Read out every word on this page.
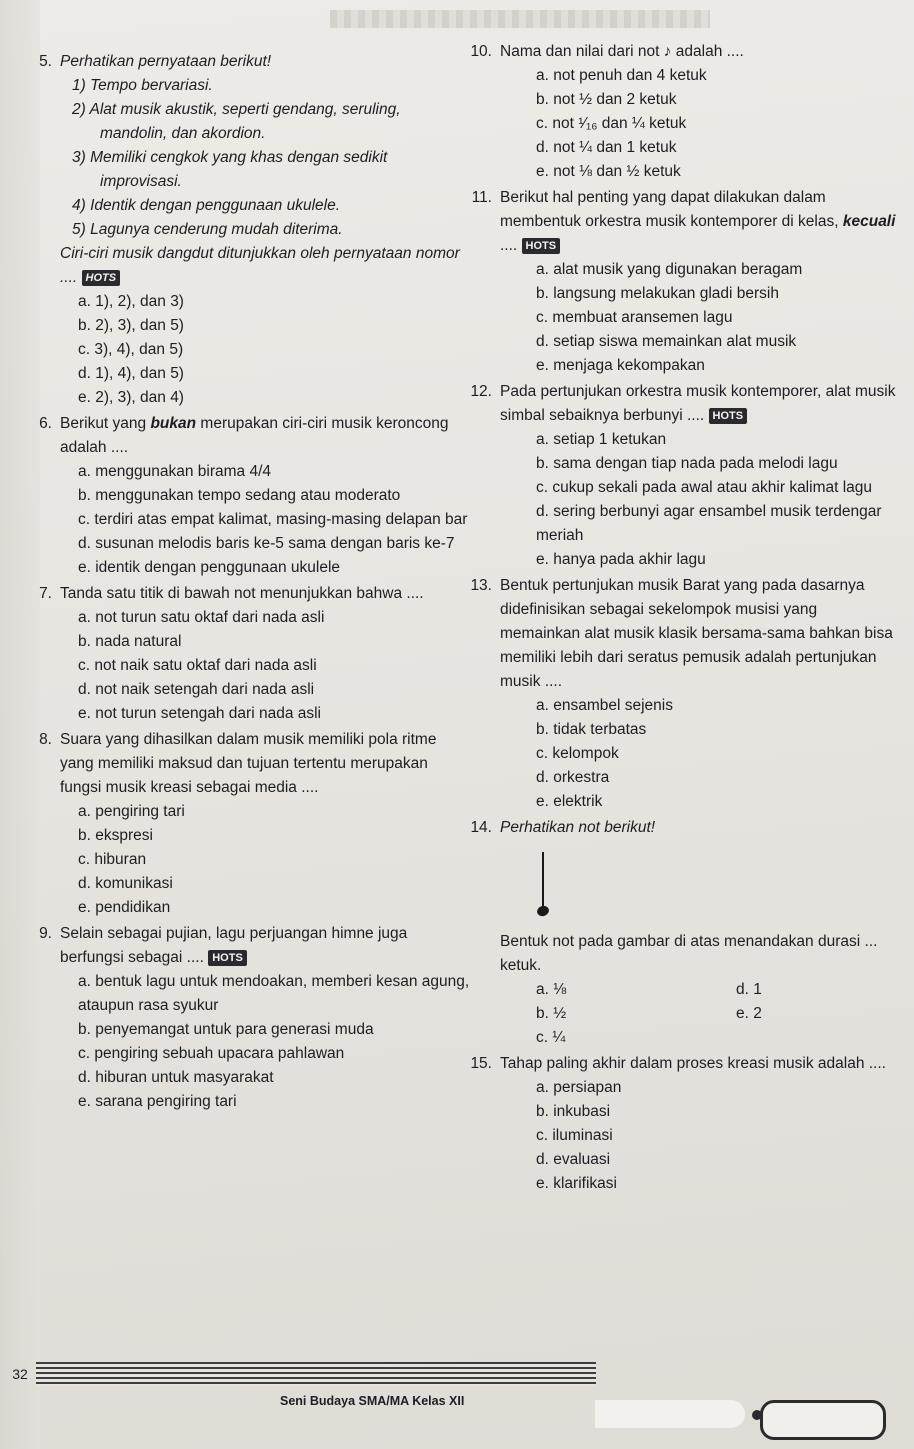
5. Perhatikan pernyataan berikut!
1) Tempo bervariasi.
2) Alat musik akustik, seperti gendang, seruling, mandolin, dan akordion.
3) Memiliki cengkok yang khas dengan sedikit improvisasi.
4) Identik dengan penggunaan ukulele.
5) Lagunya cenderung mudah diterima.
Ciri-ciri musik dangdut ditunjukkan oleh pernyataan nomor .... HOTS
a. 1), 2), dan 3)
b. 2), 3), dan 5)
c. 3), 4), dan 5)
d. 1), 4), dan 5)
e. 2), 3), dan 4)
6. Berikut yang bukan merupakan ciri-ciri musik keroncong adalah ....
a. menggunakan birama 4/4
b. menggunakan tempo sedang atau moderato
c. terdiri atas empat kalimat, masing-masing delapan bar
d. susunan melodis baris ke-5 sama dengan baris ke-7
e. identik dengan penggunaan ukulele
7. Tanda satu titik di bawah not menunjukkan bahwa ....
a. not turun satu oktaf dari nada asli
b. nada natural
c. not naik satu oktaf dari nada asli
d. not naik setengah dari nada asli
e. not turun setengah dari nada asli
8. Suara yang dihasilkan dalam musik memiliki pola ritme yang memiliki maksud dan tujuan tertentu merupakan fungsi musik kreasi sebagai media ....
a. pengiring tari
b. ekspresi
c. hiburan
d. komunikasi
e. pendidikan
9. Selain sebagai pujian, lagu perjuangan himne juga berfungsi sebagai .... HOTS
a. bentuk lagu untuk mendoakan, memberi kesan agung, ataupun rasa syukur
b. penyemangat untuk para generasi muda
c. pengiring sebuah upacara pahlawan
d. hiburan untuk masyarakat
e. sarana pengiring tari
10. Nama dan nilai dari not ♪ adalah ....
a. not penuh dan 4 ketuk
b. not ½ dan 2 ketuk
c. not ¹⁄₁₆ dan ¼ ketuk
d. not ¼ dan 1 ketuk
e. not ⅛ dan ½ ketuk
11. Berikut hal penting yang dapat dilakukan dalam membentuk orkestra musik kontemporer di kelas, kecuali .... HOTS
a. alat musik yang digunakan beragam
b. langsung melakukan gladi bersih
c. membuat aransemen lagu
d. setiap siswa memainkan alat musik
e. menjaga kekompakan
12. Pada pertunjukan orkestra musik kontemporer, alat musik simbal sebaiknya berbunyi .... HOTS
a. setiap 1 ketukan
b. sama dengan tiap nada pada melodi lagu
c. cukup sekali pada awal atau akhir kalimat lagu
d. sering berbunyi agar ensambel musik terdengar meriah
e. hanya pada akhir lagu
13. Bentuk pertunjukan musik Barat yang pada dasarnya didefinisikan sebagai sekelompok musisi yang memainkan alat musik klasik bersama-sama bahkan bisa memiliki lebih dari seratus pemusik adalah pertunjukan musik ....
a. ensambel sejenis
b. tidak terbatas
c. kelompok
d. orkestra
e. elektrik
14. Perhatikan not berikut!
Bentuk not pada gambar di atas menandakan durasi ... ketuk.
a. ⅛
b. ½
c. ¼
d. 1
e. 2
15. Tahap paling akhir dalam proses kreasi musik adalah ....
a. persiapan
b. inkubasi
c. iluminasi
d. evaluasi
e. klarifikasi
32
Seni Budaya SMA/MA Kelas XII
